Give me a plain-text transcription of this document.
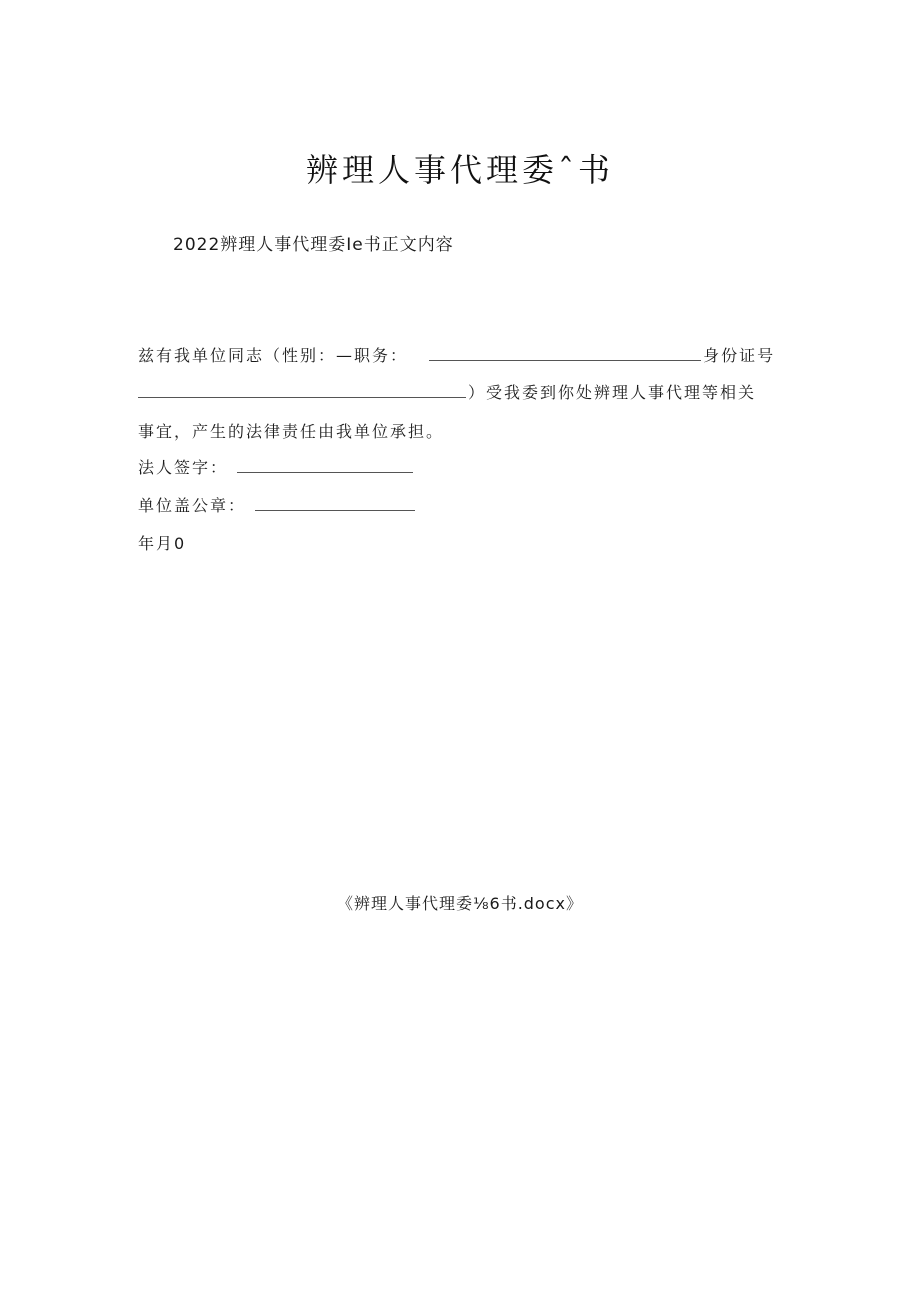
辨理人事代理委ˆ书
2022辨理人事代理委Ie书正文内容
兹有我单位同志（性别：—职务：	身份证号
）受我委到你处辨理人事代理等相关
事宜，产生的法律责任由我单位承担。
法人签字：
单位盖公章：
年月0
《辨理人事代理委⅛6书.docx》
